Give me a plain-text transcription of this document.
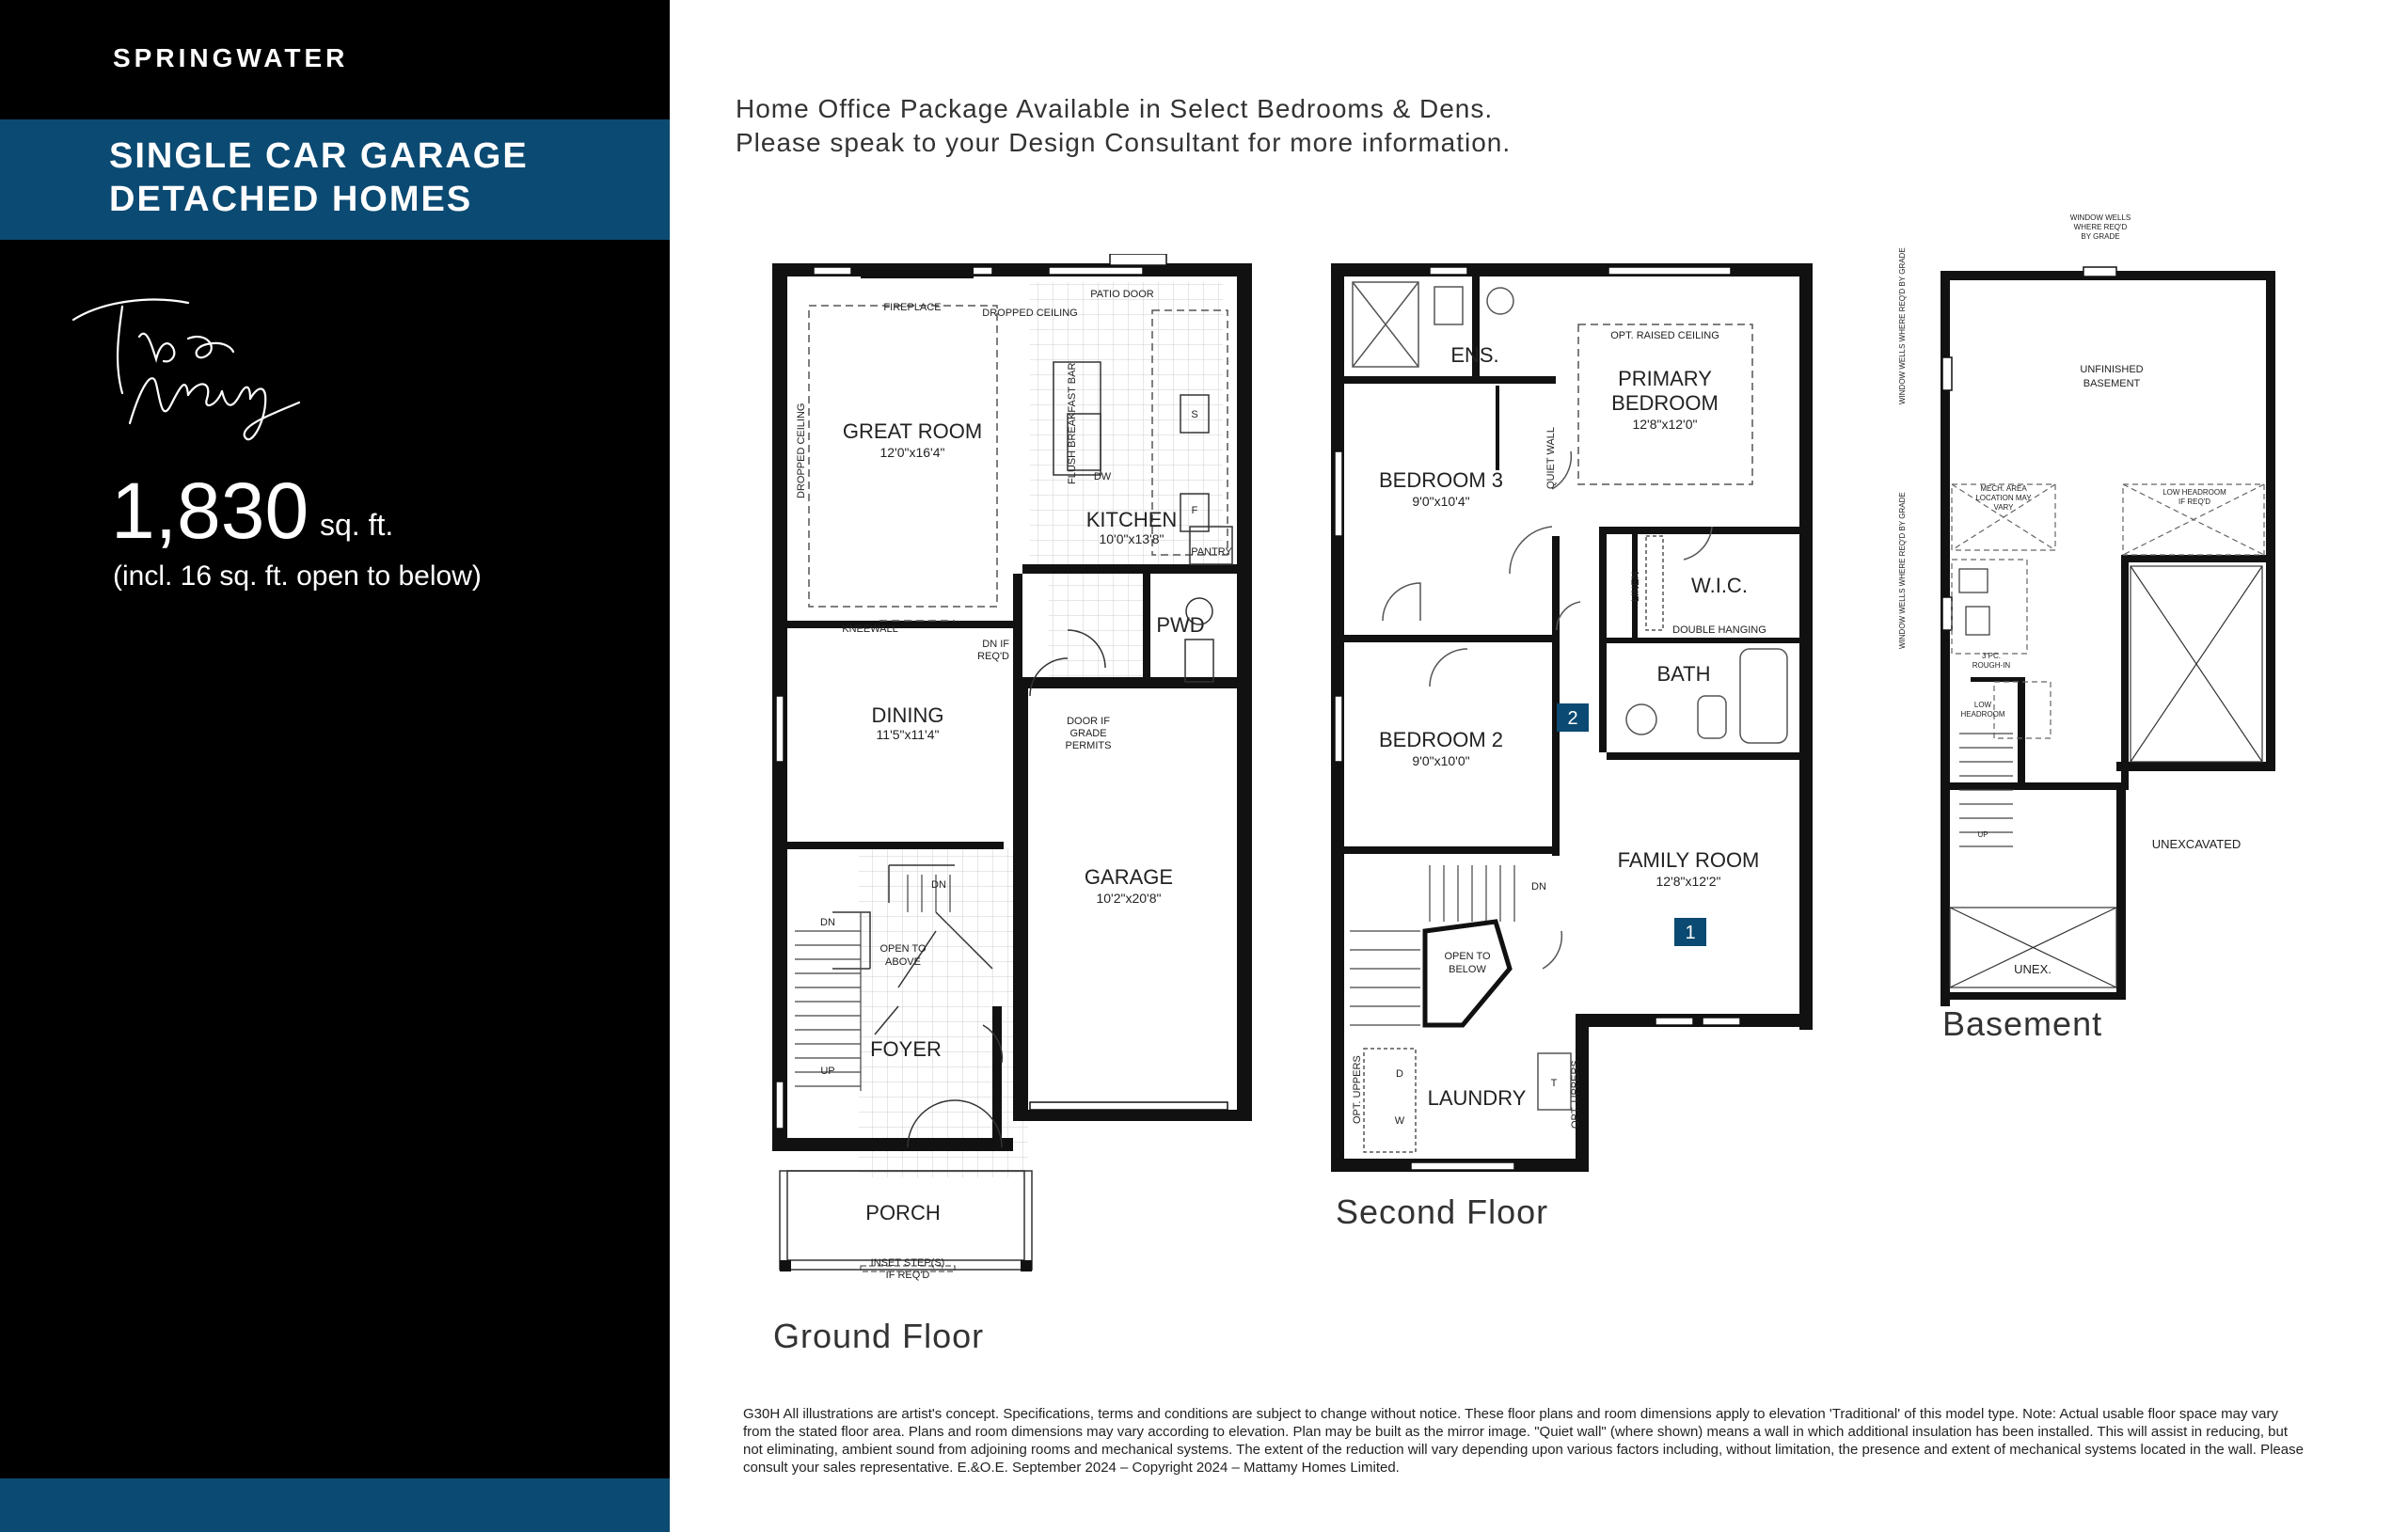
SPRINGWATER
SINGLE CAR GARAGE
DETACHED HOMES
1,830 sq. ft.
(incl. 16 sq. ft. open to below)
Home Office Package Available in Select Bedrooms & Dens.
Please speak to your Design Consultant for more information.
FIREPLACE	DROPPED CEILING
PATIO DOOR
GREAT ROOM
12'0"x16'4"
DROPPED CEILING	FLUSH BREAKFAST BAR DW
S
F
KITCHEN
10'0"x13'8"
PANTRY
KNEEWALL
DN IF
REQ'D
PWD
DOOR IF
GRADE
PERMITS
DINING
11'5"x11'4"
GARAGE
10'2"x20'8"
DN
DN
OPEN TO
ABOVE
UP
FOYER
PORCH
INSET STEP(S)
IF REQ'D
ENS.
OPT. RAISED CEILING
PRIMARY
BEDROOM
12'8"x12'0"
QUIET WALL
BEDROOM 3
9'0"x10'4"
LINEN W.I.C.
DOUBLE HANGING
BATH
2
BEDROOM 2
9'0"x10'0"
FAMILY ROOM
12'8"x12'2"
1
DN
OPEN TO
BELOW
LAUNDRY
OPT. UPPERS	OPT. UPPERS
D
W
T
WINDOW WELLS
WHERE REQ'D
BY GRADE
WINDOW WELLS WHERE REQ'D BY GRADE
WINDOW WELLS WHERE REQ'D BY GRADE
UNFINISHED
BASEMENT
MECH. AREA
LOCATION MAY
VARY
LOW HEADROOM
IF REQ'D
3 PC.
ROUGH-IN
LOW
HEADROOM
UP
UNEXCAVATED
UNEX.
Ground Floor
Second Floor
Basement
G30H All illustrations are artist's concept. Specifications, terms and conditions are subject to change without notice. These floor plans and room dimensions apply to elevation 'Traditional' of this model type. Note: Actual usable floor space may vary from the stated floor area. Plans and room dimensions may vary according to elevation. Plan may be built as the mirror image. "Quiet wall" (where shown) means a wall in which additional insulation has been installed. This will assist in reducing, but not eliminating, ambient sound from adjoining rooms and mechanical systems. The extent of the reduction will vary depending upon various factors including, without limitation, the presence and extent of mechanical systems located in the wall. Please consult your sales representative. E.&O.E. September 2024 – Copyright 2024 – Mattamy Homes Limited.
